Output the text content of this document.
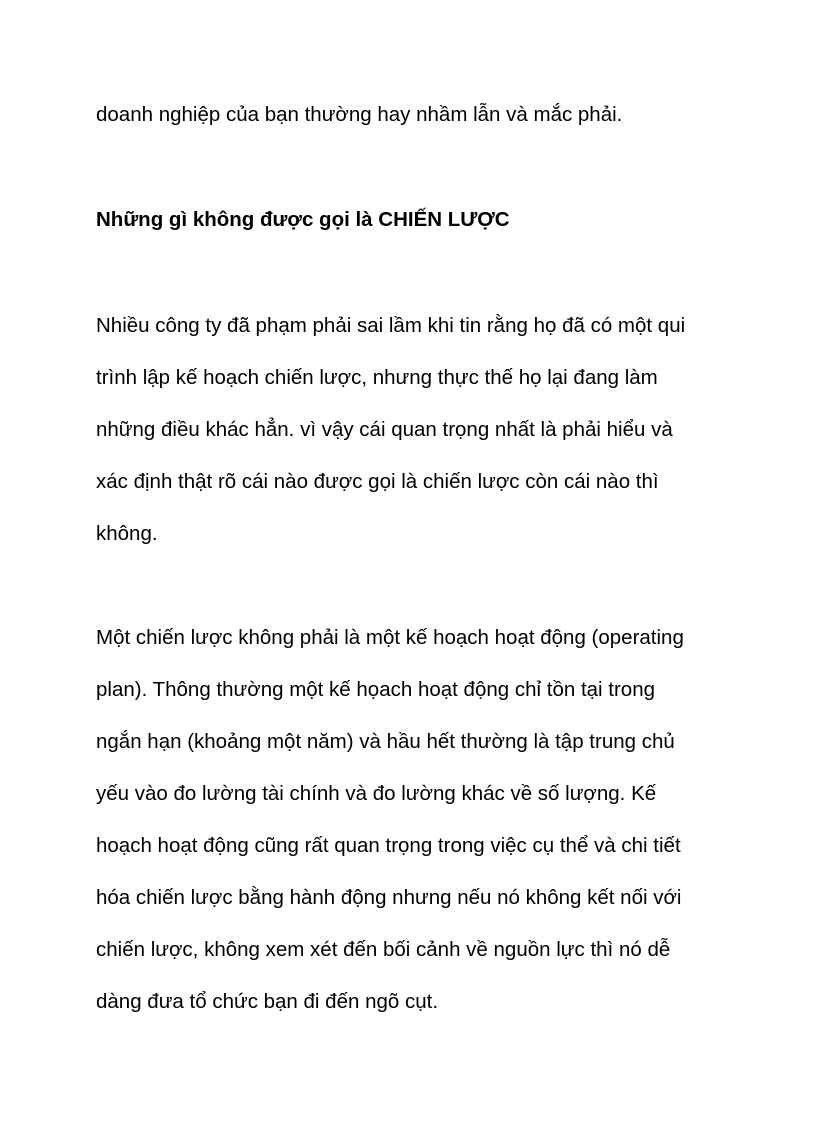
doanh nghiệp của bạn thường hay nhầm lẫn và mắc phải.

Những gì không được gọi là CHIẾN LƯỢC

Nhiều công ty đã phạm phải sai lầm khi tin rằng họ đã có một qui

trình lập kế hoạch chiến lược, nhưng thực thế họ lại đang làm

những điều khác hẳn. vì vậy cái quan trọng nhất là phải hiểu và

xác định thật rõ cái nào được gọi là chiến lược còn cái nào thì

không.

Một chiến lược không phải là một kế hoạch hoạt động (operating

plan). Thông thường một kế họach hoạt động chỉ tồn tại trong

ngắn hạn (khoảng một năm) và hầu hết thường là tập trung chủ

yếu vào đo lường tài chính và đo lường khác về số lượng. Kế

hoạch hoạt động cũng rất quan trọng trong việc cụ thể và chi tiết

hóa chiến lược bằng hành động nhưng nếu nó không kết nối với

chiến lược, không xem xét đến bối cảnh về nguồn lực thì nó dễ

dàng đưa tổ chức bạn đi đến ngõ cụt.
